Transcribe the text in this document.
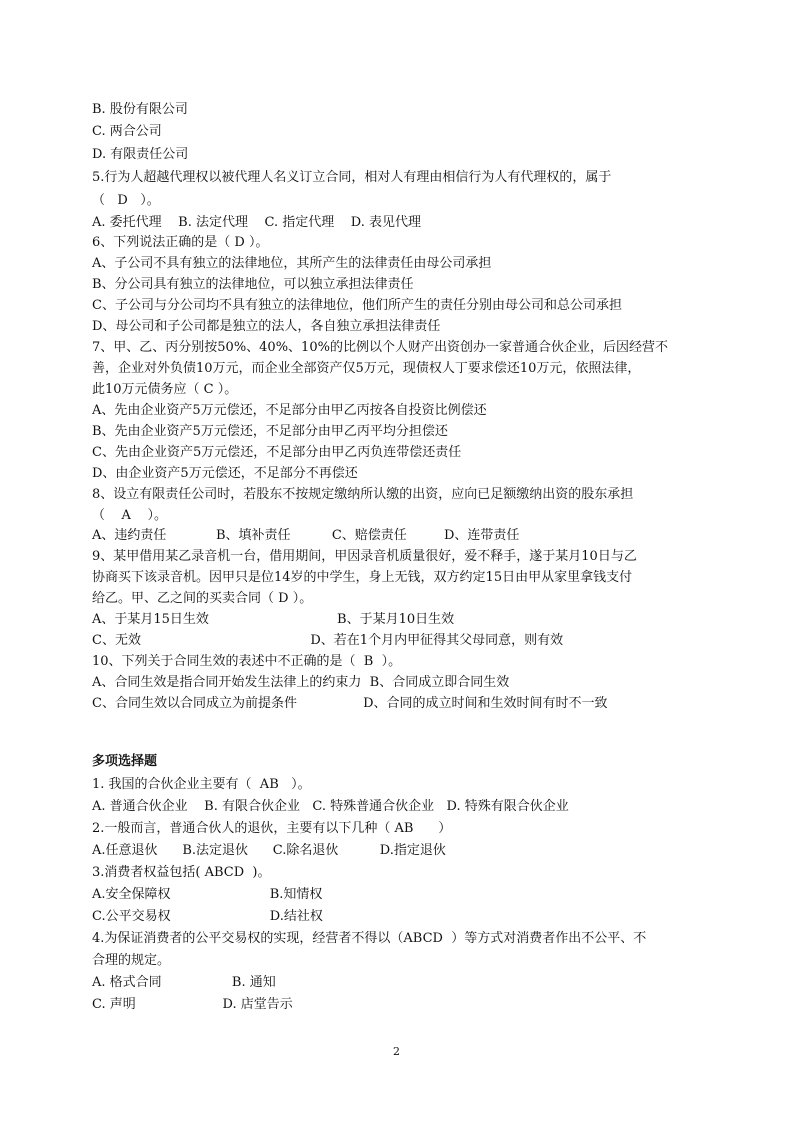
B. 股份有限公司
C. 两合公司
D. 有限责任公司
5.行为人超越代理权以被代理人名义订立合同，相对人有理由相信行为人有代理权的，属于
（   D   ）。
A. 委托代理    B. 法定代理    C. 指定代理    D. 表见代理
6、下列说法正确的是（ D ）。
A、子公司不具有独立的法律地位，其所产生的法律责任由母公司承担
B、分公司具有独立的法律地位，可以独立承担法律责任
C、子公司与分公司均不具有独立的法律地位，他们所产生的责任分别由母公司和总公司承担
D、母公司和子公司都是独立的法人，各自独立承担法律责任
7、甲、乙、丙分别按50%、40%、10%的比例以个人财产出资创办一家普通合伙企业，后因经营不
善，企业对外负债10万元，而企业全部资产仅5万元，现债权人丁要求偿还10万元，依照法律，
此10万元债务应（ C ）。
A、先由企业资产5万元偿还，不足部分由甲乙丙按各自投资比例偿还
B、先由企业资产5万元偿还，不足部分由甲乙丙平均分担偿还
C、先由企业资产5万元偿还，不足部分由甲乙丙负连带偿还责任
D、由企业资产5万元偿还，不足部分不再偿还
8、设立有限责任公司时，若股东不按规定缴纳所认缴的出资，应向已足额缴纳出资的股东承担
（    A    ）。
A、违约责任            B、填补责任          C、赔偿责任         D、连带责任
9、某甲借用某乙录音机一台，借用期间，甲因录音机质量很好，爱不释手，遂于某月10日与乙
协商买下该录音机。因甲只是位14岁的中学生，身上无钱，双方约定15日由甲从家里拿钱支付
给乙。甲、乙之间的买卖合同（ D ）。
A、于某月15日生效                               B、于某月10日生效
C、无效                                         D、若在1个月内甲征得其父母同意，则有效
10、下列关于合同生效的表述中不正确的是（  B  ）。
A、合同生效是指合同开始发生法律上的约束力  B、合同成立即合同生效
C、合同生效以合同成立为前提条件                D、合同的成立时间和生效时间有时不一致
多项选择题
1. 我国的合伙企业主要有（  AB   ）。
A. 普通合伙企业    B. 有限合伙企业   C. 特殊普通合伙企业   D. 特殊有限合伙企业
2.一般而言，普通合伙人的退伙，主要有以下几种（ AB      ）
A.任意退伙      B.法定退伙      C.除名退伙          D.指定退伙
3.消费者权益包括( ABCD  )。
A.安全保障权                        B.知情权
C.公平交易权                        D.结社权
4.为保证消费者的公平交易权的实现，经营者不得以（ABCD  ）等方式对消费者作出不公平、不
合理的规定。
A. 格式合同                 B. 通知
C. 声明                     D. 店堂告示
2
